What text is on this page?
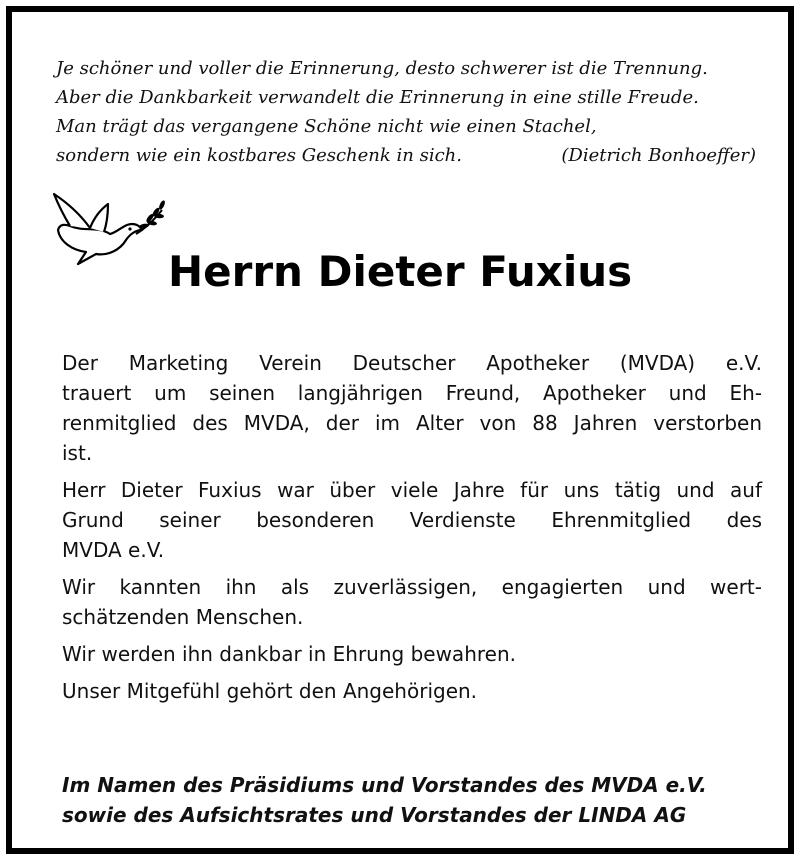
Je schöner und voller die Erinnerung, desto schwerer ist die Trennung.
Aber die Dankbarkeit verwandelt die Erinnerung in eine stille Freude.
Man trägt das vergangene Schöne nicht wie einen Stachel,
sondern wie ein kostbares Geschenk in sich.	(Dietrich Bonhoeffer)
Herrn Dieter Fuxius

Der Marketing Verein Deutscher Apotheker (MVDA) e.V.
trauert um seinen langjährigen Freund, Apotheker und Eh-
renmitglied des MVDA, der im Alter von 88 Jahren verstorben
ist.

Herr Dieter Fuxius war über viele Jahre für uns tätig und auf
Grund seiner besonderen Verdienste Ehrenmitglied des
MVDA e.V.

Wir kannten ihn als zuverlässigen, engagierten und wert-
schätzenden Menschen.

Wir werden ihn dankbar in Ehrung bewahren.

Unser Mitgefühl gehört den Angehörigen.

Im Namen des Präsidiums und Vorstandes des MVDA e.V.
sowie des Aufsichtsrates und Vorstandes der LINDA AG
